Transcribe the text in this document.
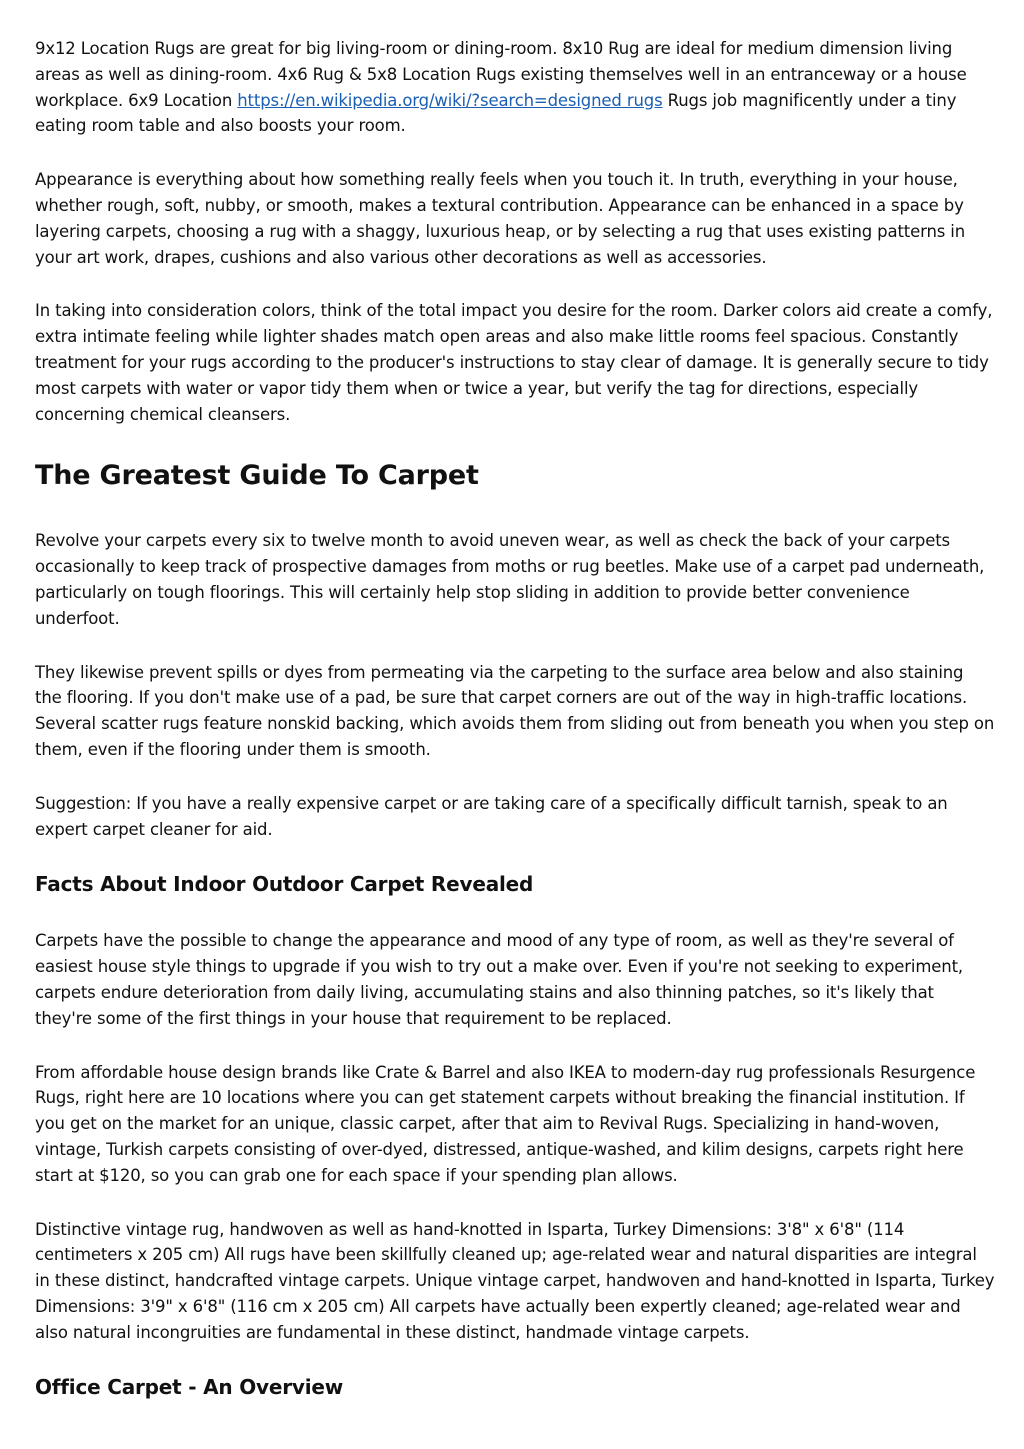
9x12 Location Rugs are great for big living-room or dining-room. 8x10 Rug are ideal for medium dimension living areas as well as dining-room. 4x6 Rug & 5x8 Location Rugs existing themselves well in an entranceway or a house workplace. 6x9 Location https://en.wikipedia.org/wiki/?search=designed rugs Rugs job magnificently under a tiny eating room table and also boosts your room.

Appearance is everything about how something really feels when you touch it. In truth, everything in your house, whether rough, soft, nubby, or smooth, makes a textural contribution. Appearance can be enhanced in a space by layering carpets, choosing a rug with a shaggy, luxurious heap, or by selecting a rug that uses existing patterns in your art work, drapes, cushions and also various other decorations as well as accessories.

In taking into consideration colors, think of the total impact you desire for the room. Darker colors aid create a comfy, extra intimate feeling while lighter shades match open areas and also make little rooms feel spacious. Constantly treatment for your rugs according to the producer's instructions to stay clear of damage. It is generally secure to tidy most carpets with water or vapor tidy them when or twice a year, but verify the tag for directions, especially concerning chemical cleansers.

The Greatest Guide To Carpet

Revolve your carpets every six to twelve month to avoid uneven wear, as well as check the back of your carpets occasionally to keep track of prospective damages from moths or rug beetles. Make use of a carpet pad underneath, particularly on tough floorings. This will certainly help stop sliding in addition to provide better convenience underfoot.

They likewise prevent spills or dyes from permeating via the carpeting to the surface area below and also staining the flooring. If you don't make use of a pad, be sure that carpet corners are out of the way in high-traffic locations. Several scatter rugs feature nonskid backing, which avoids them from sliding out from beneath you when you step on them, even if the flooring under them is smooth.

Suggestion: If you have a really expensive carpet or are taking care of a specifically difficult tarnish, speak to an expert carpet cleaner for aid.

Facts About Indoor Outdoor Carpet Revealed

Carpets have the possible to change the appearance and mood of any type of room, as well as they're several of easiest house style things to upgrade if you wish to try out a make over. Even if you're not seeking to experiment, carpets endure deterioration from daily living, accumulating stains and also thinning patches, so it's likely that they're some of the first things in your house that requirement to be replaced.

From affordable house design brands like Crate & Barrel and also IKEA to modern-day rug professionals Resurgence Rugs, right here are 10 locations where you can get statement carpets without breaking the financial institution. If you get on the market for an unique, classic carpet, after that aim to Revival Rugs. Specializing in hand-woven, vintage, Turkish carpets consisting of over-dyed, distressed, antique-washed, and kilim designs, carpets right here start at $120, so you can grab one for each space if your spending plan allows.

Distinctive vintage rug, handwoven as well as hand-knotted in Isparta, Turkey Dimensions: 3'8" x 6'8" (114 centimeters x 205 cm) All rugs have been skillfully cleaned up; age-related wear and natural disparities are integral in these distinct, handcrafted vintage carpets. Unique vintage carpet, handwoven and hand-knotted in Isparta, Turkey Dimensions: 3'9" x 6'8" (116 cm x 205 cm) All carpets have actually been expertly cleaned; age-related wear and also natural incongruities are fundamental in these distinct, handmade vintage carpets.

Office Carpet - An Overview
